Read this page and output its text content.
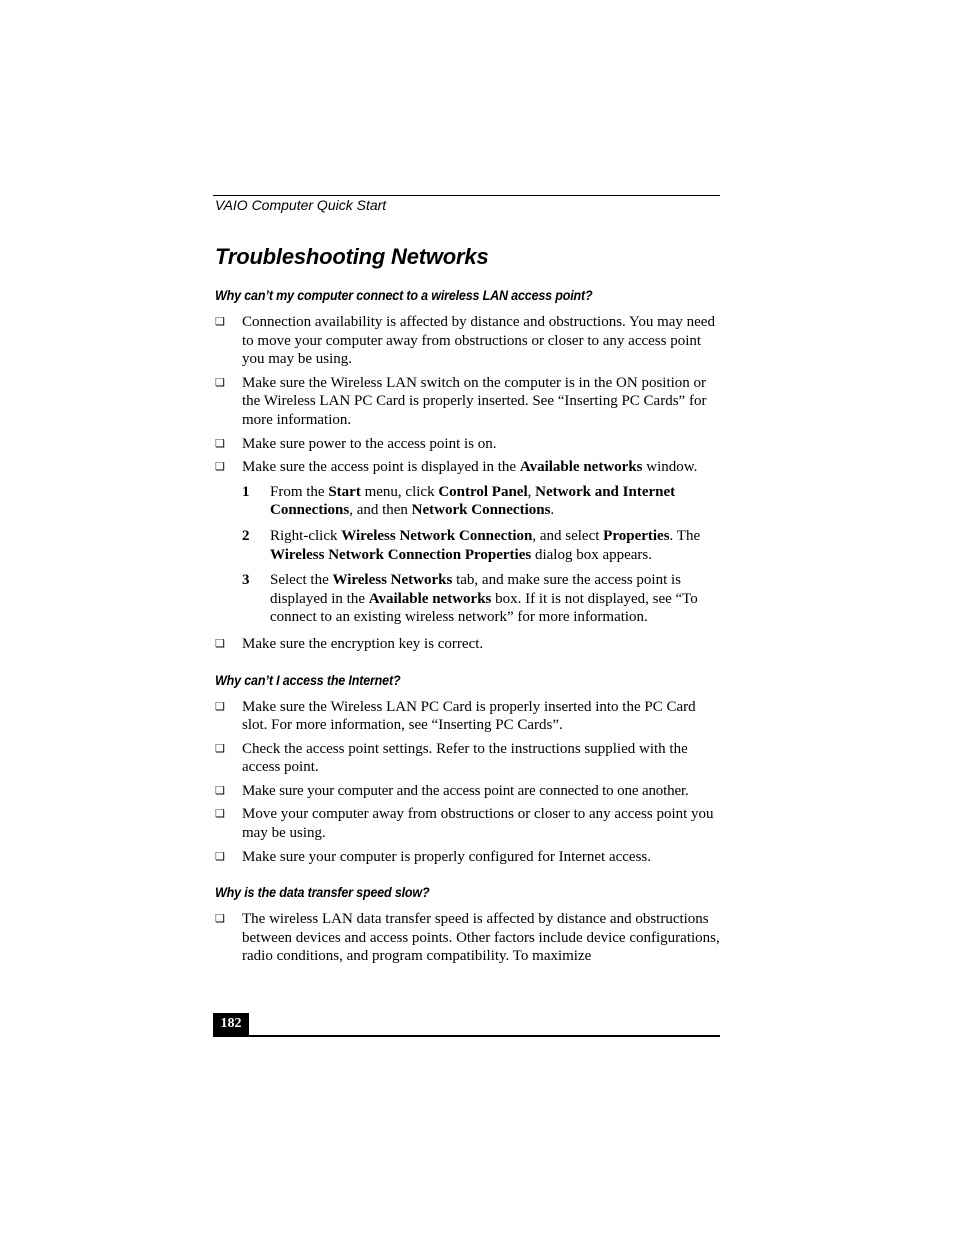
VAIO Computer Quick Start
Troubleshooting Networks

Why can’t my computer connect to a wireless LAN access point?

❑	Connection availability is affected by distance and obstructions. You may need to move your computer away from obstructions or closer to any access point you may be using.
❑	Make sure the Wireless LAN switch on the computer is in the ON position or the Wireless LAN PC Card is properly inserted. See “Inserting PC Cards” for more information.
❑	Make sure power to the access point is on.
❑	Make sure the access point is displayed in the Available networks window.
1	From the Start menu, click Control Panel, Network and Internet Connections, and then Network Connections.
2	Right-click Wireless Network Connection, and select Properties. The Wireless Network Connection Properties dialog box appears.
3	Select the Wireless Networks tab, and make sure the access point is displayed in the Available networks box. If it is not displayed, see “To connect to an existing wireless network” for more information.
❑	Make sure the encryption key is correct.

Why can’t I access the Internet?

❑	Make sure the Wireless LAN PC Card is properly inserted into the PC Card slot. For more information, see “Inserting PC Cards”.
❑	Check the access point settings. Refer to the instructions supplied with the access point.
❑	Make sure your computer and the access point are connected to one another.
❑	Move your computer away from obstructions or closer to any access point you may be using.
❑	Make sure your computer is properly configured for Internet access.

Why is the data transfer speed slow?

❑	The wireless LAN data transfer speed is affected by distance and obstructions between devices and access points. Other factors include device configurations, radio conditions, and program compatibility. To maximize
182
